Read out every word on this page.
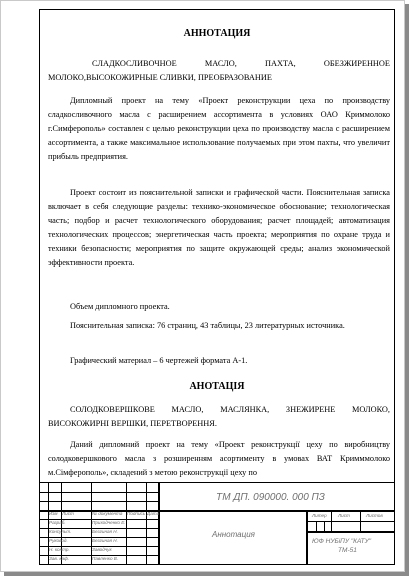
АННОТАЦИЯ
СЛАДКОСЛИВОЧНОЕ МАСЛО, ПАХТА, ОБЕЗЖИРЕННОЕ МОЛОКО,ВЫСОКОЖИРНЫЕ СЛИВКИ, ПРЕОБРАЗОВАНИЕ
Дипломный проект на тему «Проект реконструкции цеха по производству сладкосливочного масла с расширением ассортимента в условиях ОАО Криммолоко г.Симферополь» составлен с целью реконструкции цеха по производству масла с расширением ассортимента, а также максимальное использование получаемых при этом пахты, что увеличит прибыль предприятия.
Проект состоит из пояснительной записки и графической части. Пояснительная записка включает в себя следующие разделы: технико-экономическое обоснование; технологическая часть; подбор и расчет технологического оборудования; расчет площадей; автоматизация технологических процессов; энергетическая часть проекта; мероприятия по охране труда и техники безопасности; мероприятия по защите окружающей среды; анализ экономической эффективности проекта.
Объем дипломного проекта.
Пояснительная записка: 76 страниц, 43 таблицы, 23 литературных источника.
Графический материал – 6 чертежей формата А-1.
АНОТАЦІЯ
СОЛОДКОВЕРШКОВЕ МАСЛО, МАСЛЯНКА, ЗНЕЖИРЕНЕ МОЛОКО, ВИСОКОЖИРНІ ВЕРШКИ, ПЕРЕТВОРЕННЯ.
Даний дипломний проект на тему «Проект реконструкції цеху по виробництву солодковершкового масла з розширенням асортименту в умовах ВАТ Кримммолоко м.Сімферополь», складений з метою реконструкції цеху по
ТМ ДП. 090000. 000 ПЗ
Аннотация
ЮФ НУБіПУ "КАТУ"
ТМ-51
Литер Лист	Листов
Изм Лист	№ документа Подпись Дата
Разраб.
Консульт.
Руковод.
Н. контр.
Зав. каф.
Приходченко Е.
Безгиная Н.
Безгиная Н.
Заводчук
Павленко В.
